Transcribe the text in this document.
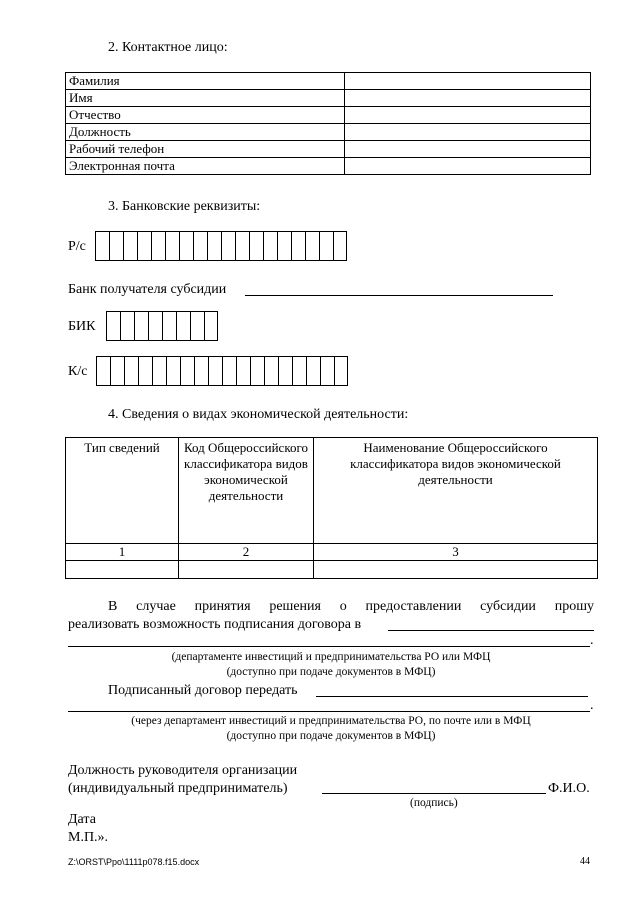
2. Контактное лицо:
Фамилия	
Имя	
Отчество	
Должность	
Рабочий телефон	
Электронная почта	
3. Банковские реквизиты:
Р/с
Банк получателя субсидии
БИК
К/с
4. Сведения о видах экономической деятельности:
Тип сведений	Код Общероссийского классификатора видов экономической деятельности	Наименование Общероссийского классификатора видов экономической деятельности
1	2	3

В случае принятия решения о предоставлении субсидии прошу
реализовать возможность подписания договора в
.
(департаменте инвестиций и предпринимательства РО или МФЦ
(доступно при подаче документов в МФЦ)
Подписанный договор передать
.
(через департамент инвестиций и предпринимательства РО, по почте или в МФЦ
(доступно при подаче документов в МФЦ)
Должность руководителя организации
(индивидуальный предприниматель)	Ф.И.О.
(подпись)
Дата
М.П.».
Z:\ORST\Ppo\1111p078.f15.docx	44
